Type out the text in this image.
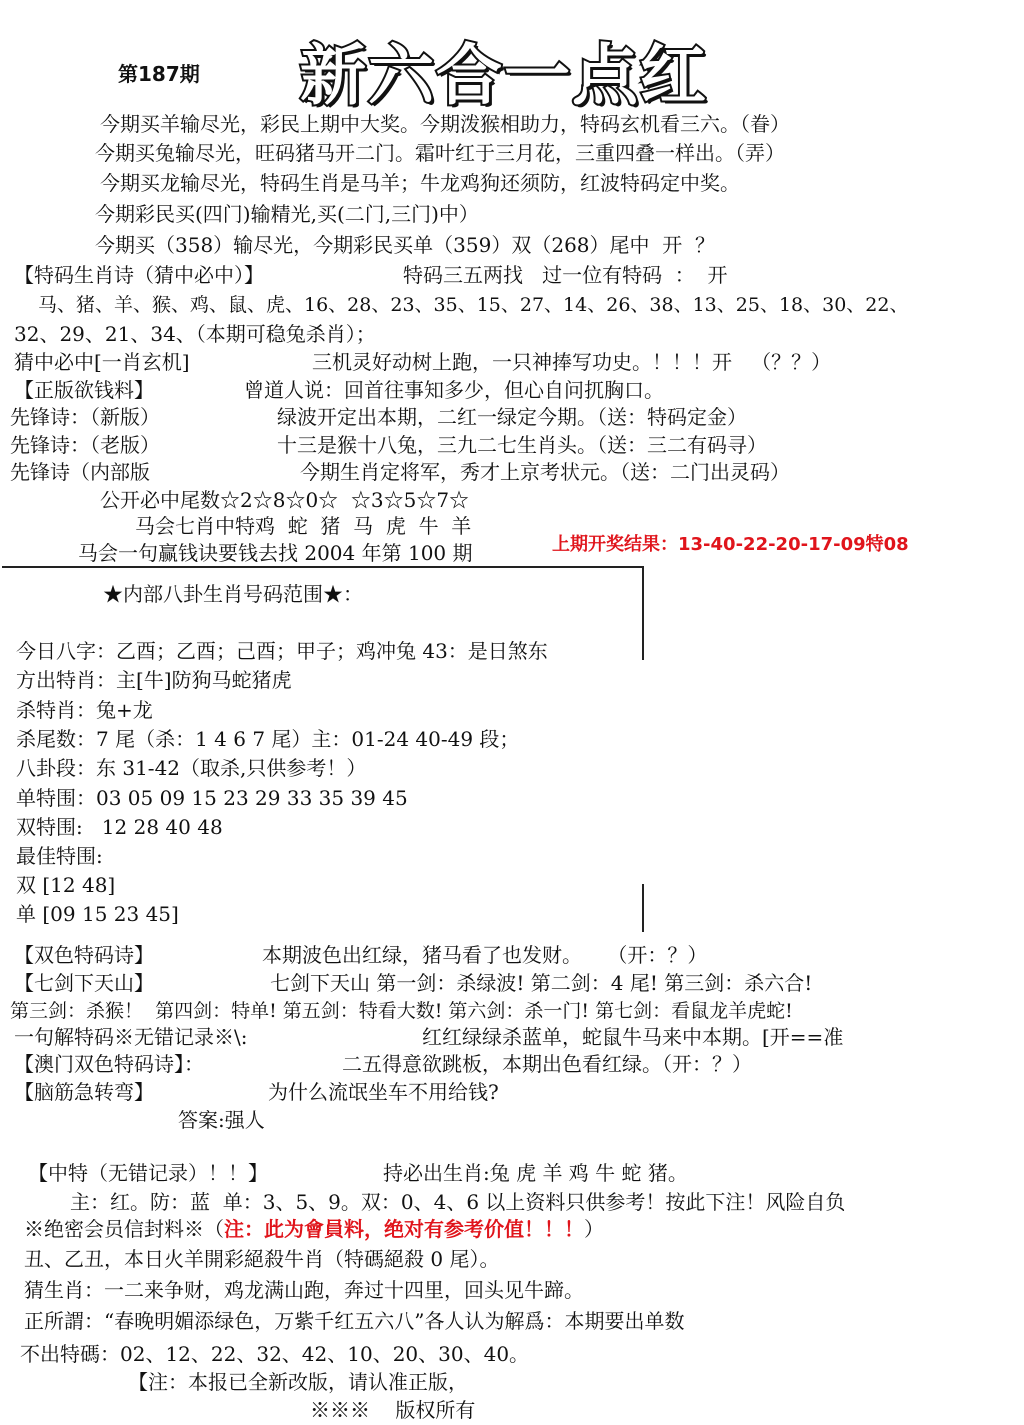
第187期 新六合一点红
今期买羊输尽光，彩民上期中大奖。今期泼猴相助力，特码玄机看三六。（眷）
今期买兔输尽光，旺码猪马开二门。霜叶红于三月花，三重四叠一样出。（弄）
今期买龙输尽光，特码生肖是马羊；牛龙鸡狗还须防，红波特码定中奖。
今期彩民买(四门)输精光,买(二门,三门)中）
今期买（358）输尽光，今期彩民买单（359）双（268）尾中  开  ？
【特码生肖诗（猜中必中）】	特码三五两找   过一位有特码  ：  开
马、猪、羊、猴、鸡、鼠、虎、16、28、23、35、15、27、14、26、38、13、25、18、30、22、
32、29、21、34、（本期可稳兔杀肖）；
猜中必中[一肖玄机]	三机灵好动树上跑，一只神捧写功史。！！！开   （？？）
【正版欲钱料】	曾道人说：回首往事知多少，但心自问扤胸口。
先锋诗：（新版）	绿波开定出本期，二红一绿定今期。（送：特码定金）
先锋诗：（老版）	十三是猴十八兔，三九二七生肖头。（送：三二有码寻）
先锋诗（内部版	今期生肖定将军，秀才上京考状元。（送：二门出灵码）
公开必中尾数☆2☆8☆0☆  ☆3☆5☆7☆
马会七肖中特鸡  蛇  猪  马  虎  牛  羊
马会一句赢钱诀要钱去找 2004 年第 100 期	上期开奖结果：13-40-22-20-17-09特08
★内部八卦生肖号码范围★：
今日八字：乙酉；乙酉；己酉；甲子；鸡冲兔 43：是日煞东
方出特肖：主[牛]防狗马蛇猪虎
杀特肖：兔+龙
杀尾数：7 尾（杀：1 4 6 7 尾）主：01-24 40-49 段；
八卦段：东 31-42（取杀,只供参考！）
单特围：03 05 09 15 23 29 33 35 39 45
双特围:   12 28 40 48
最佳特围:
双 [12 48]
单 [09 15 23 45]
【双色特码诗】	本期波色出红绿，猪马看了也发财。    （开：？）
【七剑下天山】	七剑下天山 第一剑：杀绿波! 第二剑：4 尾! 第三剑：杀六合!
第三剑：杀猴！  第四剑：特单! 第五剑：特看大数! 第六剑：杀一门! 第七剑：看鼠龙羊虎蛇!
一句解特码※无错记录※\:	红红绿绿杀蓝单，蛇鼠牛马来中本期。[开==准
【澳门双色特码诗】：	二五得意欲跳板，本期出色看红绿。（开：？）
【脑筋急转弯】	为什么流氓坐车不用给钱?
答案:强人
【中特（无错记录）！！】	持必出生肖:兔 虎 羊 鸡 牛 蛇 猪。
主：红。防：蓝  单：3、5、9。双：0、4、6 以上资料只供参考！按此下注！风险自负
※绝密会员信封料※（注：此为會員料，绝对有参考价值！！！）
丑、乙丑，本日火羊開彩絕殺牛肖（特碼絕殺 0 尾）。
猜生肖：一二来争财，鸡龙满山跑，奔过十四里，回头见牛蹄。
正所謂：“春晚明媚添绿色，万紫千红五六八”各人认为解爲：本期要出单数
不出特碼：02、12、22、32、42、10、20、30、40。
【注：本报已全新改版，请认准正版，
※※※    版权所有
